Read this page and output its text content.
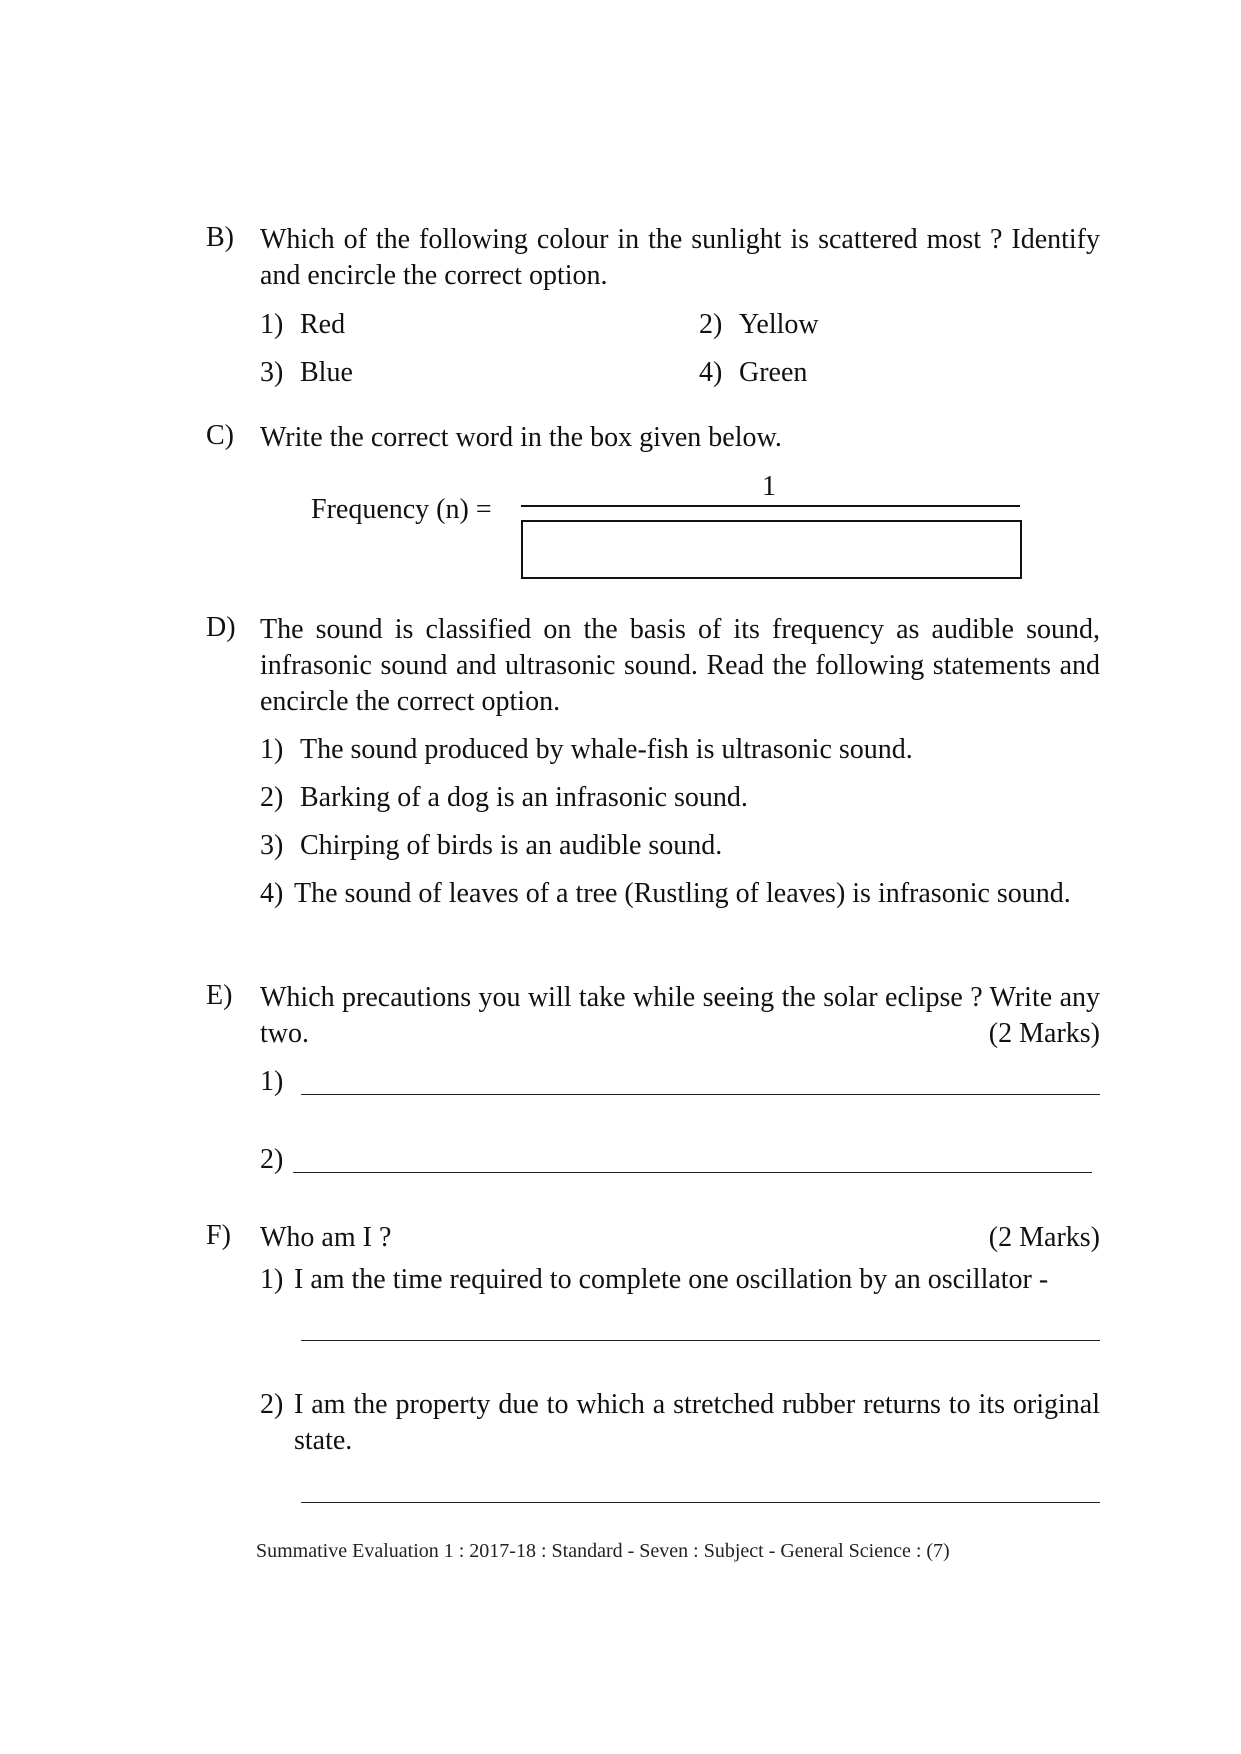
B) Which of the following colour in the sunlight is scattered most ? Identify and encircle the correct option.
1) Red	2) Yellow
3) Blue	4) Green
C) Write the correct word in the box given below.
Frequency (n) =
1
D) The sound is classified on the basis of its frequency as audible sound, infrasonic sound and ultrasonic sound. Read the following statements and encircle the correct option.
1) The sound produced by whale-fish is ultrasonic sound.
2) Barking of a dog is an infrasonic sound.
3) Chirping of birds is an audible sound.
4) The sound of leaves of a tree (Rustling of leaves) is infrasonic sound.
E) Which precautions you will take while seeing the solar eclipse ? Write any two.	(2 Marks)
1)
2)
F) Who am I ?	(2 Marks)
1) I am the time required to complete one oscillation by an oscillator -
2) I am the property due to which a stretched rubber returns to its original state.
Summative Evaluation 1 : 2017-18 : Standard - Seven : Subject - General Science : (7)
